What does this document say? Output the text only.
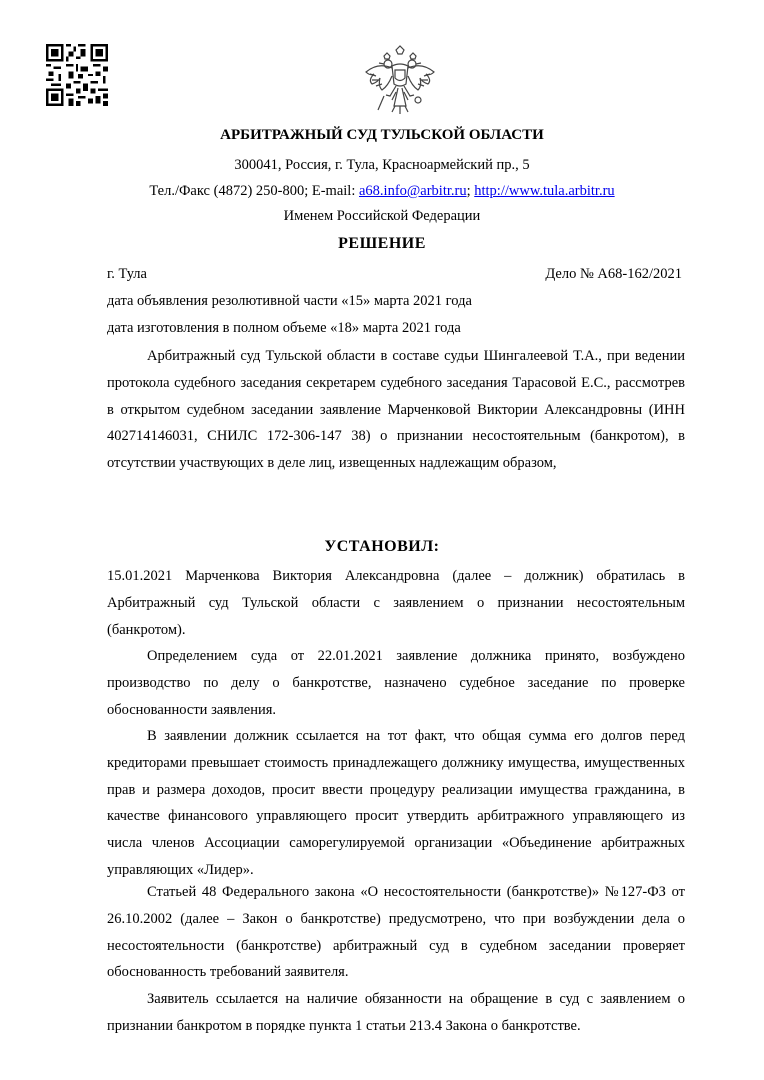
АРБИТРАЖНЫЙ СУД ТУЛЬСКОЙ ОБЛАСТИ
300041, Россия, г. Тула, Красноармейский пр., 5
Тел./Факс (4872) 250-800; E-mail: a68.info@arbitr.ru; http://www.tula.arbitr.ru
Именем Российской Федерации
РЕШЕНИЕ
г. Тула	Дело № А68-162/2021
дата объявления резолютивной части «15» марта 2021 года
дата изготовления в полном объеме «18» марта 2021 года
Арбитражный суд Тульской области в составе судьи Шингалеевой Т.А., при ведении протокола судебного заседания секретарем судебного заседания Тарасовой Е.С., рассмотрев в открытом судебном заседании заявление Марченковой Виктории Александровны (ИНН 402714146031, СНИЛС 172-306-147 38) о признании несостоятельным (банкротом), в отсутствии участвующих в деле лиц, извещенных надлежащим образом,
УСТАНОВИЛ:
15.01.2021 Марченкова Виктория Александровна (далее – должник) обратилась в Арбитражный суд Тульской области с заявлением о признании несостоятельным (банкротом).
Определением суда от 22.01.2021 заявление должника принято, возбуждено производство по делу о банкротстве, назначено судебное заседание по проверке обоснованности заявления.
В заявлении должник ссылается на тот факт, что общая сумма его долгов перед кредиторами превышает стоимость принадлежащего должнику имущества, имущественных прав и размера доходов, просит ввести процедуру реализации имущества гражданина, в качестве финансового управляющего просит утвердить арбитражного управляющего из числа членов Ассоциации саморегулируемой организации «Объединение арбитражных управляющих «Лидер».
Статьей 48 Федерального закона «О несостоятельности (банкротстве)» №127-ФЗ от 26.10.2002 (далее – Закон о банкротстве) предусмотрено, что при возбуждении дела о несостоятельности (банкротстве) арбитражный суд в судебном заседании проверяет обоснованность требований заявителя.
Заявитель ссылается на наличие обязанности на обращение в суд с заявлением о признании банкротом в порядке пункта 1 статьи 213.4 Закона о банкротстве.
